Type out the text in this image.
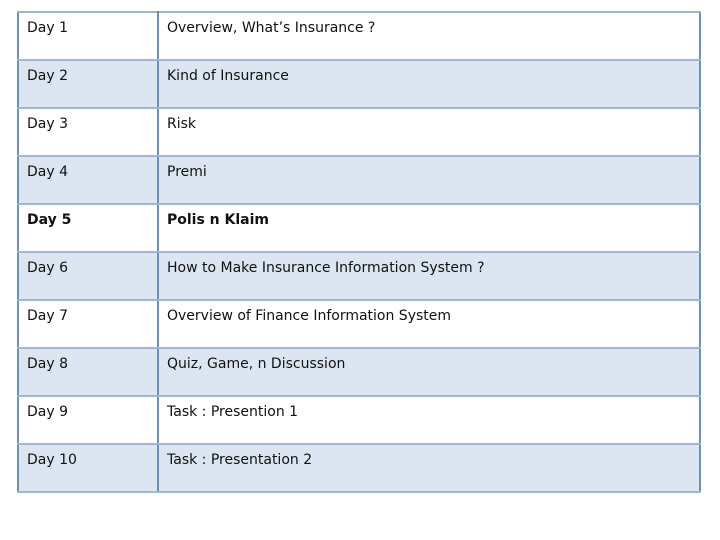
Day 1	Overview, What’s Insurance ?
Day 2	Kind of Insurance
Day 3	Risk
Day 4	Premi
Day 5	Polis n Klaim
Day 6	How to Make Insurance Information System ?
Day 7	Overview of Finance Information System
Day 8	Quiz, Game, n Discussion
Day 9	Task : Presention 1
Day 10	Task : Presentation 2
